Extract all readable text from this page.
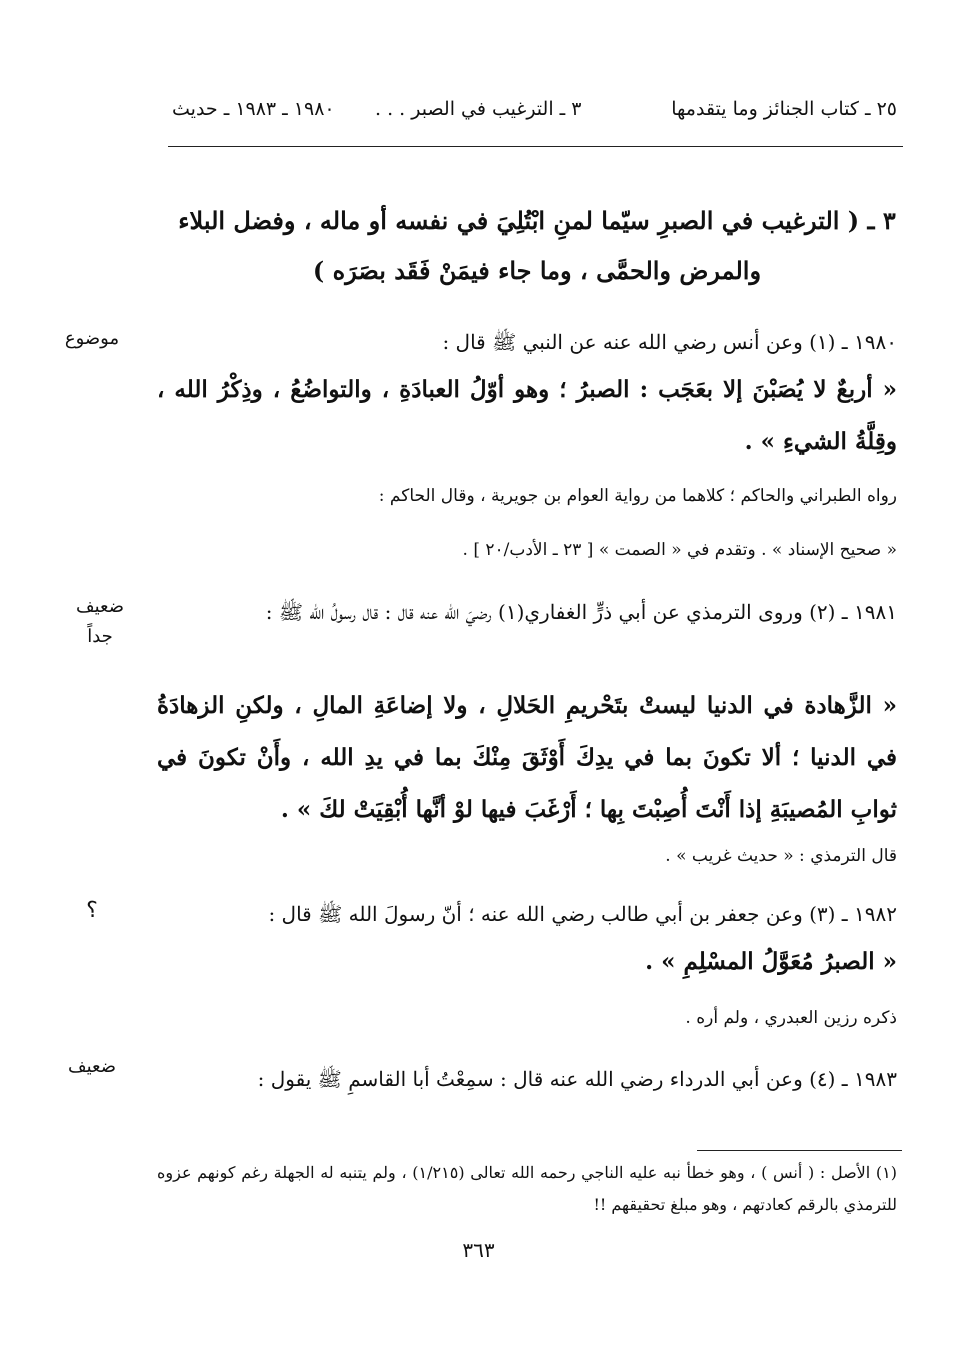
٢٥ ـ كتاب الجنائز وما يتقدمها
٣ ـ الترغيب في الصبر . . .
١٩٨٠ ـ ١٩٨٣ ـ حديث
٣ ـ ( الترغيب في الصبرِ سيّما لمنِ ابْتُلِيَ في نفسه أو ماله ، وفضل البلاء والمرض والحمَّى ، وما جاء فيمَنْ فَقَد بصَرَه )
موضوع	١٩٨٠ ـ (١) وعن أنس رضي الله عنه عن النبي ﷺ قال :
« أربعٌ لا يُصَبْنَ إلا بعَجَب : الصبرُ ؛ وهو أوّلُ العبادَةِ ، والتواضُعُ ، وذِكْرُ الله ، وقِلَّةُ الشيءِ » .
رواه الطبراني والحاكم ؛ كلاهما من رواية العوام بن جويرية ، وقال الحاكم :
« صحيح الإسناد » . وتقدم في « الصمت » [ ٢٣ ـ الأدب/٢٠ ] .
ضعيف جداً
١٩٨١ ـ (٢) وروى الترمذي عن أبي ذرٍّ الغفاري(١) رضيَ الله عنه قال : قال رسولُ الله ﷺ :
« الزَّهادة في الدنيا ليستْ بتَحْريمِ الحَلالِ ، ولا إضاعَةِ المالِ ، ولكنِ الزهادَةُ في الدنيا ؛ ألا تكونَ بما في يدِكَ أَوْثَقَ مِنْكَ بما في يدِ الله ، وأَنْ تكونَ في ثوابِ المُصيبَةِ إذا أَنْتَ أُصِبْتَ بِها ؛ أَرْغَبَ فيها لوْ أنَّها أُبْقِيَتْ لكَ » .
قال الترمذي : « حديث غريب » .
؟	١٩٨٢ ـ (٣) وعن جعفر بن أبي طالب رضي الله عنه ؛ أنّ رسولَ الله ﷺ قال :
« الصبرُ مُعَوَّلُ المسْلِمِ » .
ذكره رزين العبدري ، ولم أره .
ضعيف
١٩٨٣ ـ (٤) وعن أبي الدرداء رضي الله عنه قال : سمِعْتُ أبا القاسمِ ﷺ يقول :
(١) الأصل : ( أنس ) ، وهو خطأ نبه عليه الناجي رحمه الله تعالى (١/٢١٥) ، ولم يتنبه له الجهلة رغم كونهم عزوه للترمذي بالرقم كعادتهم ، وهو مبلغ تحقيقهم !!
٣٦٣
